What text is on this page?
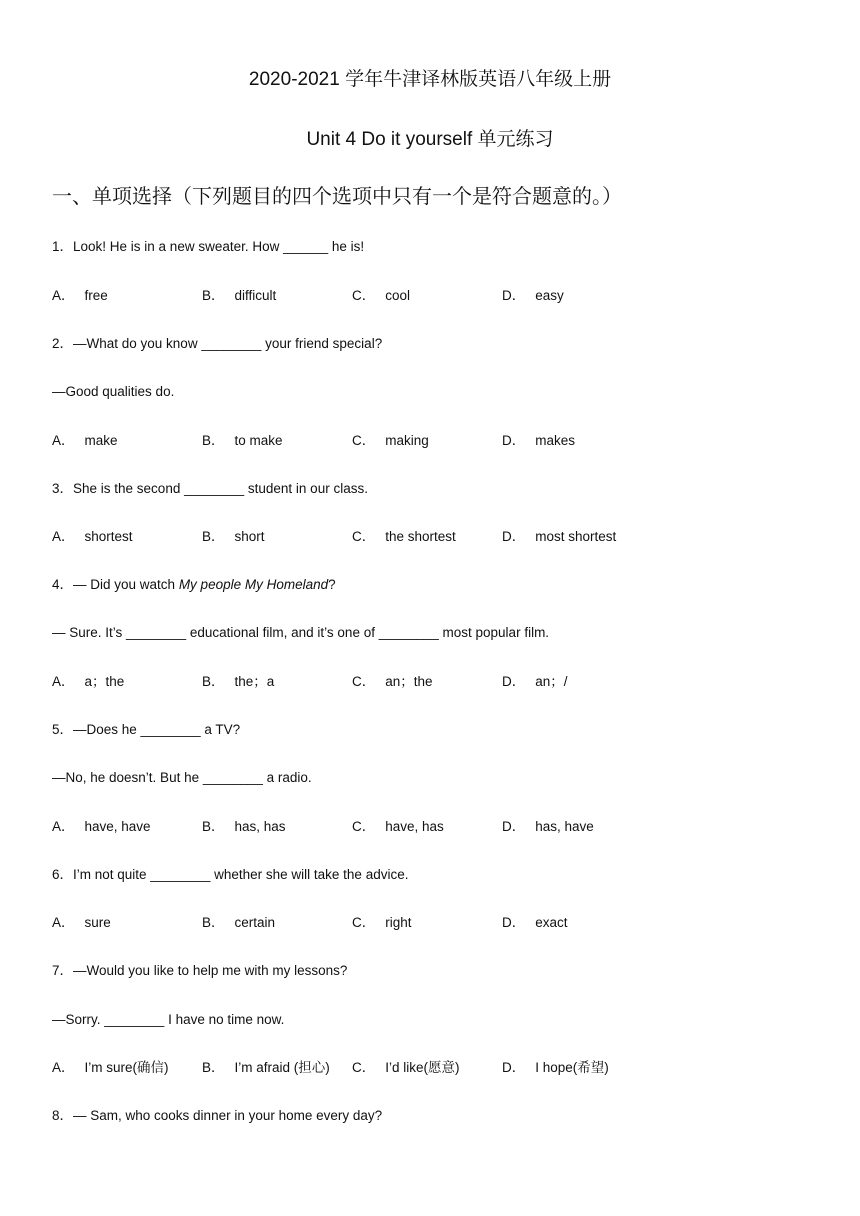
2020-2021 学年牛津译林版英语八年级上册
Unit 4 Do it yourself 单元练习
一、单项选择（下列题目的四个选项中只有一个是符合题意的。）
1．Look! He is in a new sweater. How ______ he is!
A． free	B． difficult	C． cool	D． easy
2．—What do you know ________ your friend special?
—Good qualities do.
A． make	B． to make	C． making	D． makes
3．She is the second ________ student in our class.
A． shortest	B． short	C． the shortest	D． most shortest
4．— Did you watch My people My Homeland?
— Sure. It’s ________ educational film, and it’s one of ________ most popular film.
A． a；the	B． the；a	C． an；the	D． an；/
5．—Does he ________ a TV?
—No, he doesn’t. But he ________ a radio.
A． have, have	B． has, has	C． have, has	D． has, have
6．I’m not quite ________ whether she will take the advice.
A． sure	B． certain	C． right	D． exact
7．—Would you like to help me with my lessons?
—Sorry. ________ I have no time now.
A． I’m sure(确信) B． I’m afraid (担心) C． I’d like(愿意)	D． I hope(希望)
8．— Sam, who cooks dinner in your home every day?
